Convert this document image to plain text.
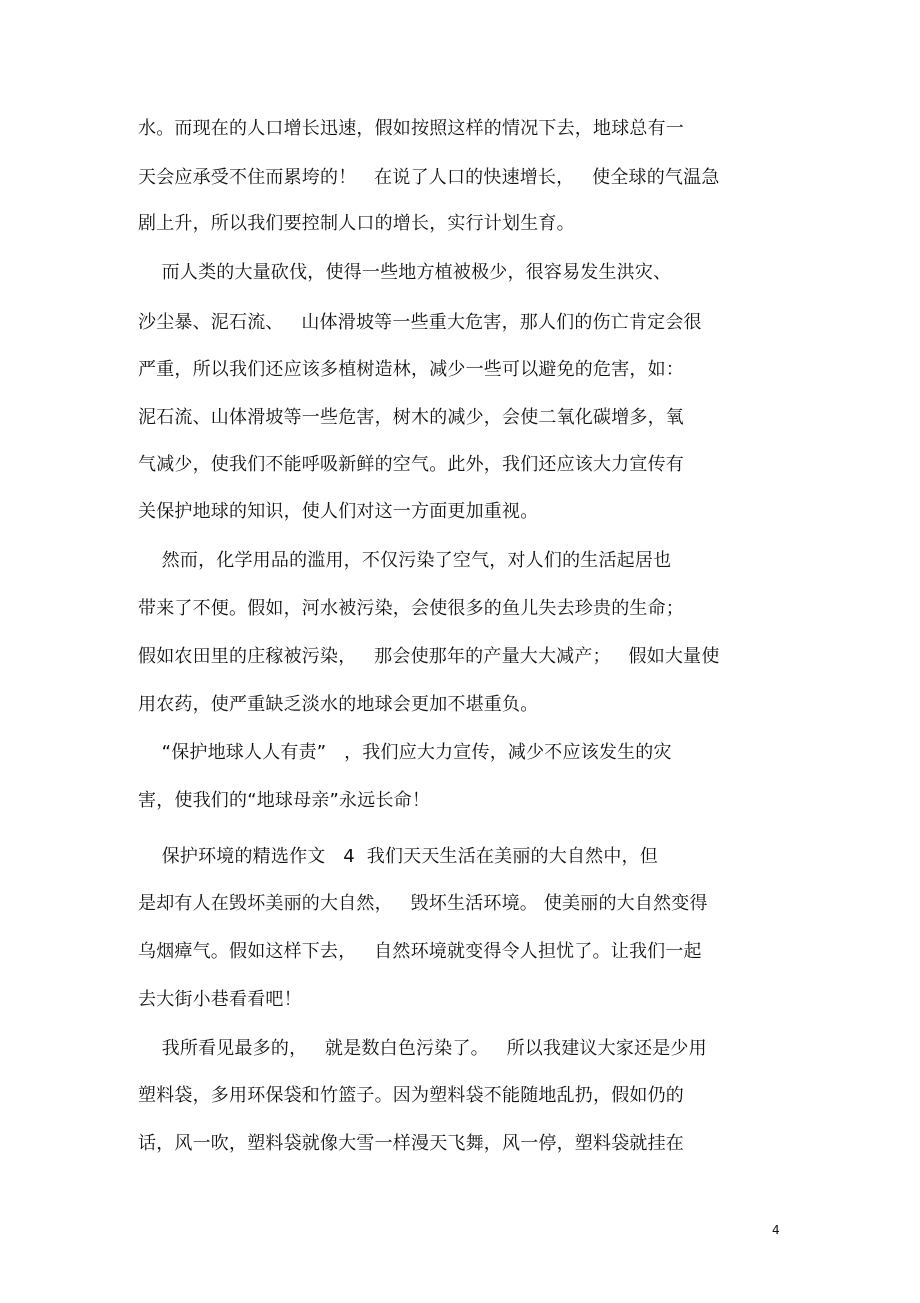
水。而现在的人口增长迅速，假如按照这样的情况下去，地球总有一
天会应承受不住而累垮的！   在说了人口的快速增长，   使全球的气温急
剧上升，所以我们要控制人口的增长，实行计划生育。
而人类的大量砍伐，使得一些地方植被极少，很容易发生洪灾、
沙尘暴、泥石流、   山体滑坡等一些重大危害，那人们的伤亡肯定会很
严重，所以我们还应该多植树造林，减少一些可以避免的危害，如：
泥石流、山体滑坡等一些危害，树木的减少，会使二氧化碳增多，氧
气减少，使我们不能呼吸新鲜的空气。此外，我们还应该大力宣传有
关保护地球的知识，使人们对这一方面更加重视。
然而，化学用品的滥用，不仅污染了空气，对人们的生活起居也
带来了不便。假如，河水被污染，会使很多的鱼儿失去珍贵的生命；
假如农田里的庄稼被污染，   那会使那年的产量大大减产；   假如大量使
用农药，使严重缺乏淡水的地球会更加不堪重负。
“保护地球人人有责”   ，我们应大力宣传，减少不应该发生的灾
害，使我们的“地球母亲”永远长命！
保护环境的精选作文   4  我们天天生活在美丽的大自然中，但
是却有人在毁坏美丽的大自然，   毁坏生活环境。 使美丽的大自然变得
乌烟瘴气。假如这样下去，   自然环境就变得令人担忧了。让我们一起
去大街小巷看看吧！
我所看见最多的，   就是数白色污染了。   所以我建议大家还是少用
塑料袋，多用环保袋和竹篮子。因为塑料袋不能随地乱扔，假如仍的
话，风一吹，塑料袋就像大雪一样漫天飞舞，风一停，塑料袋就挂在
4
